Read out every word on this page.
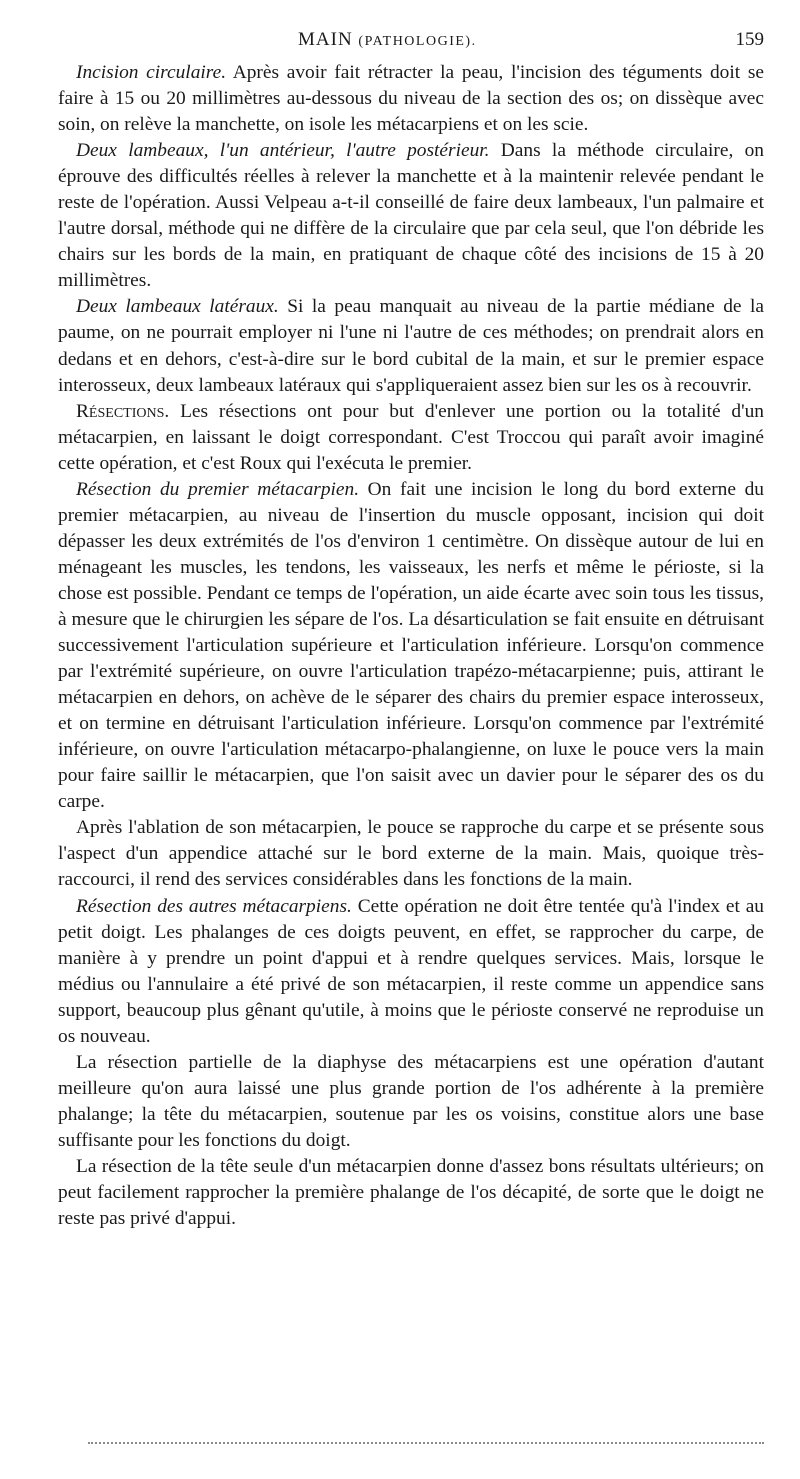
MAIN (PATHOLOGIE).	159

Incision circulaire. Après avoir fait rétracter la peau, l'incision des téguments doit se faire à 15 ou 20 millimètres au-dessous du niveau de la section des os; on dissèque avec soin, on relève la manchette, on isole les métacarpiens et on les scie.

Deux lambeaux, l'un antérieur, l'autre postérieur. Dans la méthode circulaire, on éprouve des difficultés réelles à relever la manchette et à la maintenir relevée pendant le reste de l'opération. Aussi Velpeau a-t-il conseillé de faire deux lambeaux, l'un palmaire et l'autre dorsal, méthode qui ne diffère de la circulaire que par cela seul, que l'on débride les chairs sur les bords de la main, en pratiquant de chaque côté des incisions de 15 à 20 millimètres.

Deux lambeaux latéraux. Si la peau manquait au niveau de la partie médiane de la paume, on ne pourrait employer ni l'une ni l'autre de ces méthodes; on prendrait alors en dedans et en dehors, c'est-à-dire sur le bord cubital de la main, et sur le premier espace interosseux, deux lambeaux latéraux qui s'appliqueraient assez bien sur les os à recouvrir.

Résections. Les résections ont pour but d'enlever une portion ou la totalité d'un métacarpien, en laissant le doigt correspondant. C'est Troccou qui paraît avoir imaginé cette opération, et c'est Roux qui l'exécuta le premier.

Résection du premier métacarpien. On fait une incision le long du bord externe du premier métacarpien, au niveau de l'insertion du muscle opposant, incision qui doit dépasser les deux extrémités de l'os d'environ 1 centimètre. On dissèque autour de lui en ménageant les muscles, les tendons, les vaisseaux, les nerfs et même le périoste, si la chose est possible. Pendant ce temps de l'opération, un aide écarte avec soin tous les tissus, à mesure que le chirurgien les sépare de l'os. La désarticulation se fait ensuite en détruisant successivement l'articulation supérieure et l'articulation inférieure. Lorsqu'on commence par l'extrémité supérieure, on ouvre l'articulation trapézo-métacarpienne; puis, attirant le métacarpien en dehors, on achève de le séparer des chairs du premier espace interosseux, et on termine en détruisant l'articulation inférieure. Lorsqu'on commence par l'extrémité inférieure, on ouvre l'articulation métacarpo-phalangienne, on luxe le pouce vers la main pour faire saillir le métacarpien, que l'on saisit avec un davier pour le séparer des os du carpe.

Après l'ablation de son métacarpien, le pouce se rapproche du carpe et se présente sous l'aspect d'un appendice attaché sur le bord externe de la main. Mais, quoique très-raccourci, il rend des services considérables dans les fonctions de la main.

Résection des autres métacarpiens. Cette opération ne doit être tentée qu'à l'index et au petit doigt. Les phalanges de ces doigts peuvent, en effet, se rapprocher du carpe, de manière à y prendre un point d'appui et à rendre quelques services. Mais, lorsque le médius ou l'annulaire a été privé de son métacarpien, il reste comme un appendice sans support, beaucoup plus gênant qu'utile, à moins que le périoste conservé ne reproduise un os nouveau.

La résection partielle de la diaphyse des métacarpiens est une opération d'autant meilleure qu'on aura laissé une plus grande portion de l'os adhérente à la première phalange; la tête du métacarpien, soutenue par les os voisins, constitue alors une base suffisante pour les fonctions du doigt.

La résection de la tête seule d'un métacarpien donne d'assez bons résultats ultérieurs; on peut facilement rapprocher la première phalange de l'os décapité, de sorte que le doigt ne reste pas privé d'appui.
